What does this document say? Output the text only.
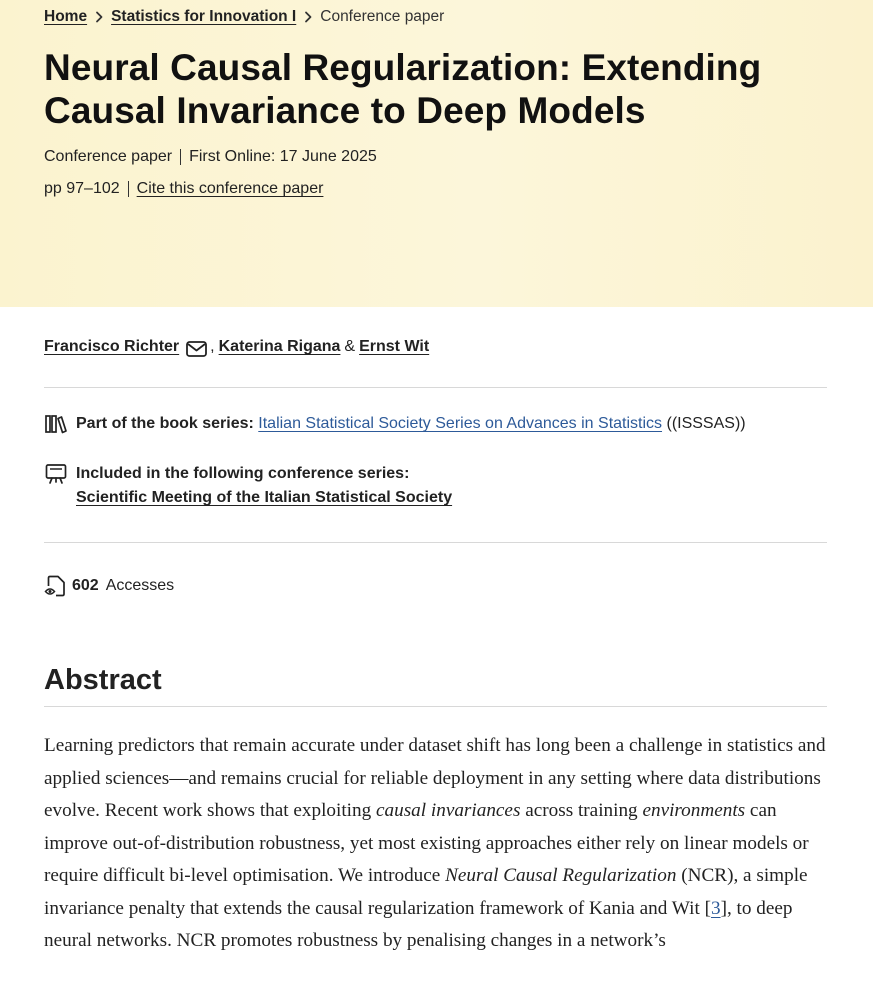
Home Statistics for Innovation I Conference paper
Neural Causal Regularization: Extending Causal Invariance to Deep Models
Conference paper First Online: 17 June 2025
pp 97–102 Cite this conference paper
Francisco Richter , Katerina Rigana & Ernst Wit
Part of the book series:
Italian Statistical Society Series on Advances in Statistics
((ISSSAS))
Included in the following conference series:
Scientific Meeting of the Italian Statistical Society
602 Accesses
Abstract

Learning predictors that remain accurate under dataset shift has long been a challenge in statistics and applied sciences—and remains crucial for reliable deployment in any setting where data distributions evolve. Recent work shows that exploiting causal invariances across training environments can improve out-of-distribution robustness, yet most existing approaches either rely on linear models or require difficult bi-level optimisation. We introduce Neural Causal Regularization (NCR), a simple invariance penalty that extends the causal regularization framework of Kania and Wit [3], to deep neural networks. NCR promotes robustness by penalising changes in a network’s
